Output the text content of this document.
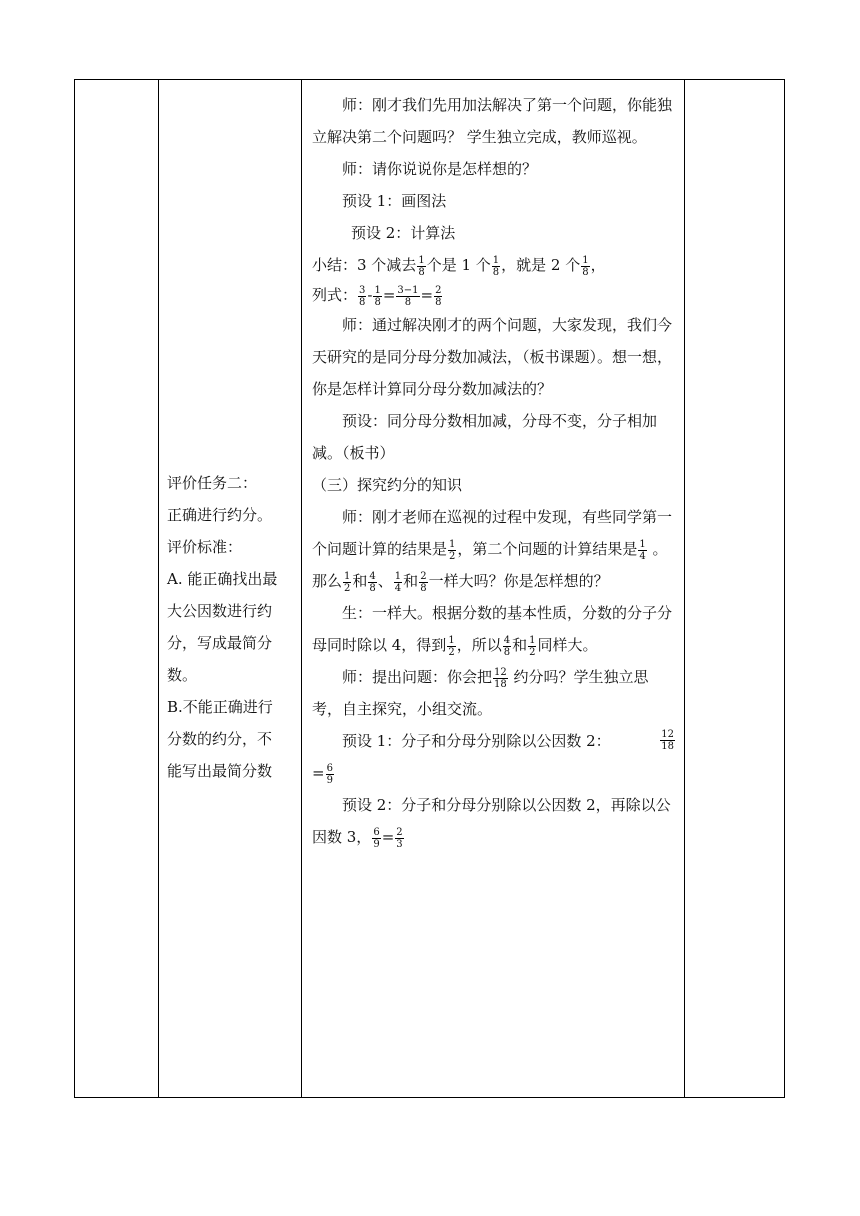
评价任务二：

正确进行约分。

评价标准：

A. 能正确找出最

大公因数进行约

分，写成最简分

数。

B.不能正确进行

分数的约分，不

能写出最简分数

师：刚才我们先用加法解决了第一个问题，你能独立解决第二个问题吗？ 学生独立完成，教师巡视。

师：请你说说你是怎样想的？

预设 1：画图法

预设 2：计算法

小结：3 个减去 $\frac{1}{8}$ 个是 1 个 $\frac{1}{8}$ ，就是 2 个 $\frac{1}{8}$ ，

列式： $\frac{3}{8} - \frac{1}{8} = \frac{3-1}{8} = \frac{2}{8}$

师：通过解决刚才的两个问题，大家发现，我们今天研究的是同分母分数加减法，（板书课题）。想一想，你是怎样计算同分母分数加减法的？

预设：同分母分数相加减，分母不变，分子相加减。（板书）

（三）探究约分的知识

师：刚才老师在巡视的过程中发现，有些同学第一个问题计算的结果是 $\frac{1}{2}$ ，第二个问题的计算结果是 $\frac{1}{4}$ 。那么 $\frac{1}{2}$ 和 $\frac{4}{8}$ 、 $\frac{1}{4}$ 和 $\frac{2}{8}$ 一样大吗？你是怎样想的？

生：一样大。根据分数的基本性质，分数的分子分母同时除以 4，得到 $\frac{1}{2}$ ，所以 $\frac{4}{8}$ 和 $\frac{1}{2}$ 同样大。

师：提出问题：你会把 $\frac{12}{18}$ 约分吗？学生独立思考，自主探究，小组交流。

预设 1：分子和分母分别除以公因数 2：	$\frac{12}{18}$

= $\frac{6}{9}$

预设 2：分子和分母分别除以公因数 2，再除以公因数 3， $\frac{6}{9} = \frac{2}{3}$
